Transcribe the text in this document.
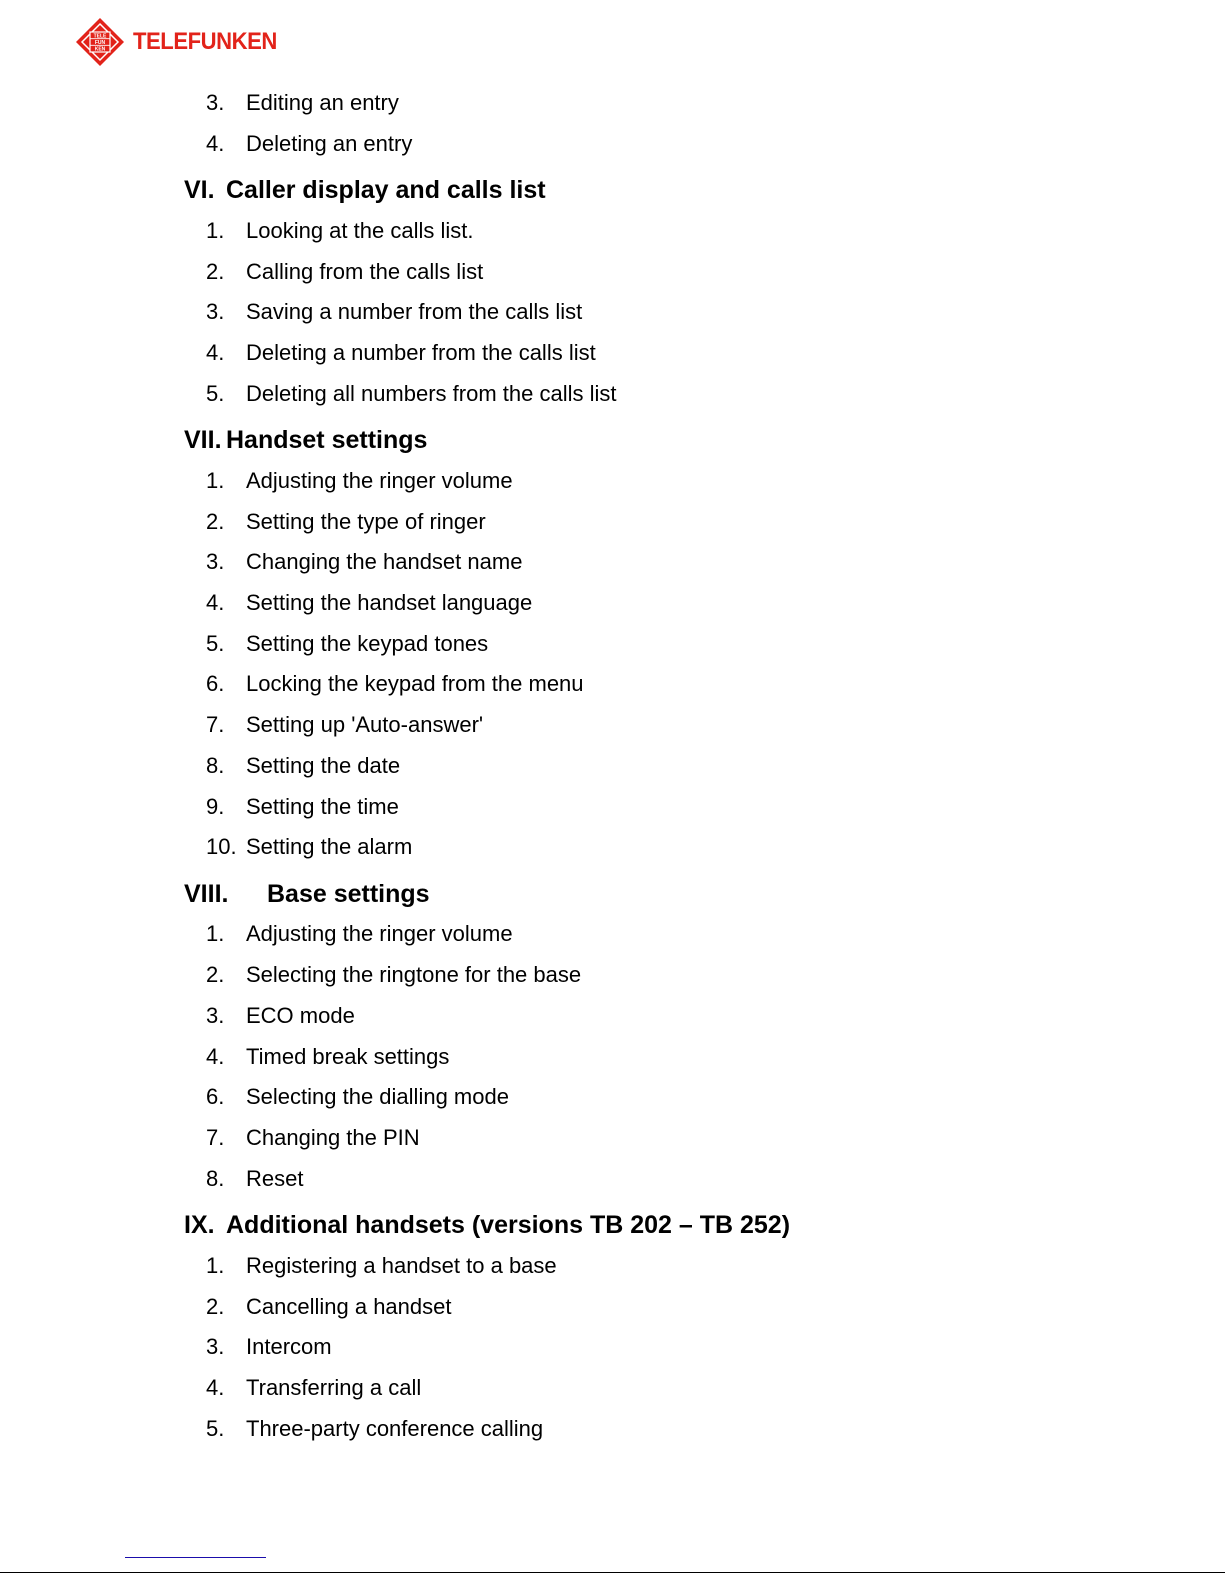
TELE
FUN
KEN TELEFUNKEN
3. Editing an entry
4. Deleting an entry
VI. Caller display and calls list
1. Looking at the calls list.
2. Calling from the calls list
3. Saving a number from the calls list
4. Deleting a number from the calls list
5. Deleting all numbers from the calls list
VII. Handset settings
1. Adjusting the ringer volume
2. Setting the type of ringer
3. Changing the handset name
4. Setting the handset language
5. Setting the keypad tones
6. Locking the keypad from the menu
7. Setting up 'Auto-answer'
8. Setting the date
9. Setting the time
10. Setting the alarm
VIII. Base settings
1. Adjusting the ringer volume
2. Selecting the ringtone for the base
3. ECO mode
4. Timed break settings
6. Selecting the dialling mode
7. Changing the PIN
8. Reset
IX. Additional handsets (versions TB 202 – TB 252)
1. Registering a handset to a base
2. Cancelling a handset
3. Intercom
4. Transferring a call
5. Three-party conference calling
